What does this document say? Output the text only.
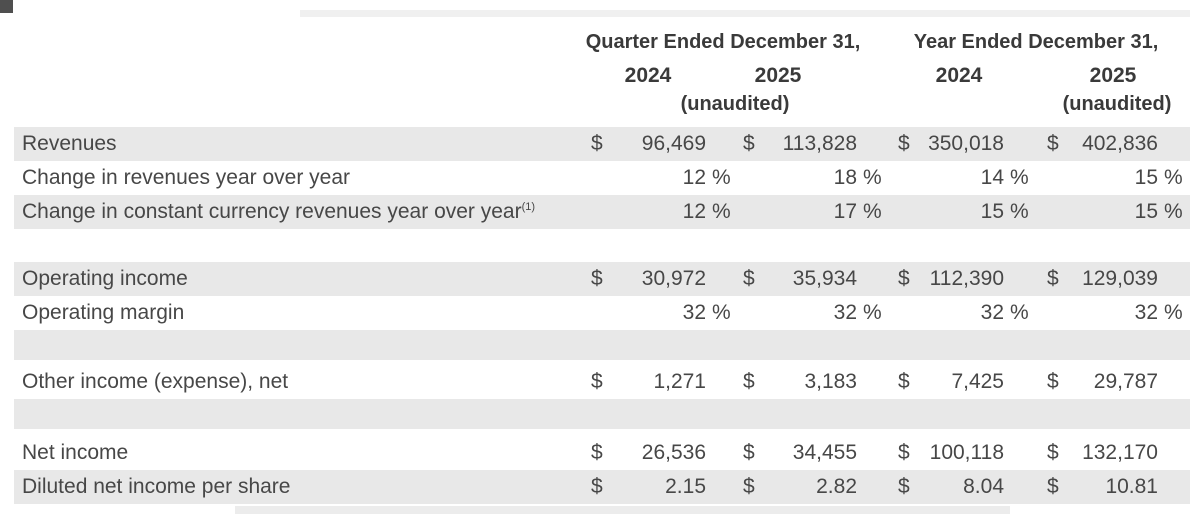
Quarter Ended December 31,	Year Ended December 31,
2024	2025	2024	2025
(unaudited)	(unaudited)
Revenues	$	96,469	$	113,828	$ 350,018	$	402,836
Change in revenues year over year	12 %	18 %	14 %	15 %
Change in constant currency revenues year over year$^{(1)}$	12 %	17 %	15 %	15 %
Operating income	$	30,972	$	35,934	$ 112,390	$	129,039
Operating margin	32 %	32 %	32 %	32 %
Other income (expense), net	$	1,271	$	3,183	$	7,425	$	29,787
Net income	$	26,536	$	34,455	$ 100,118	$	132,170
Diluted net income per share	$	2.15	$	2.82	$	8.04	$	10.81
